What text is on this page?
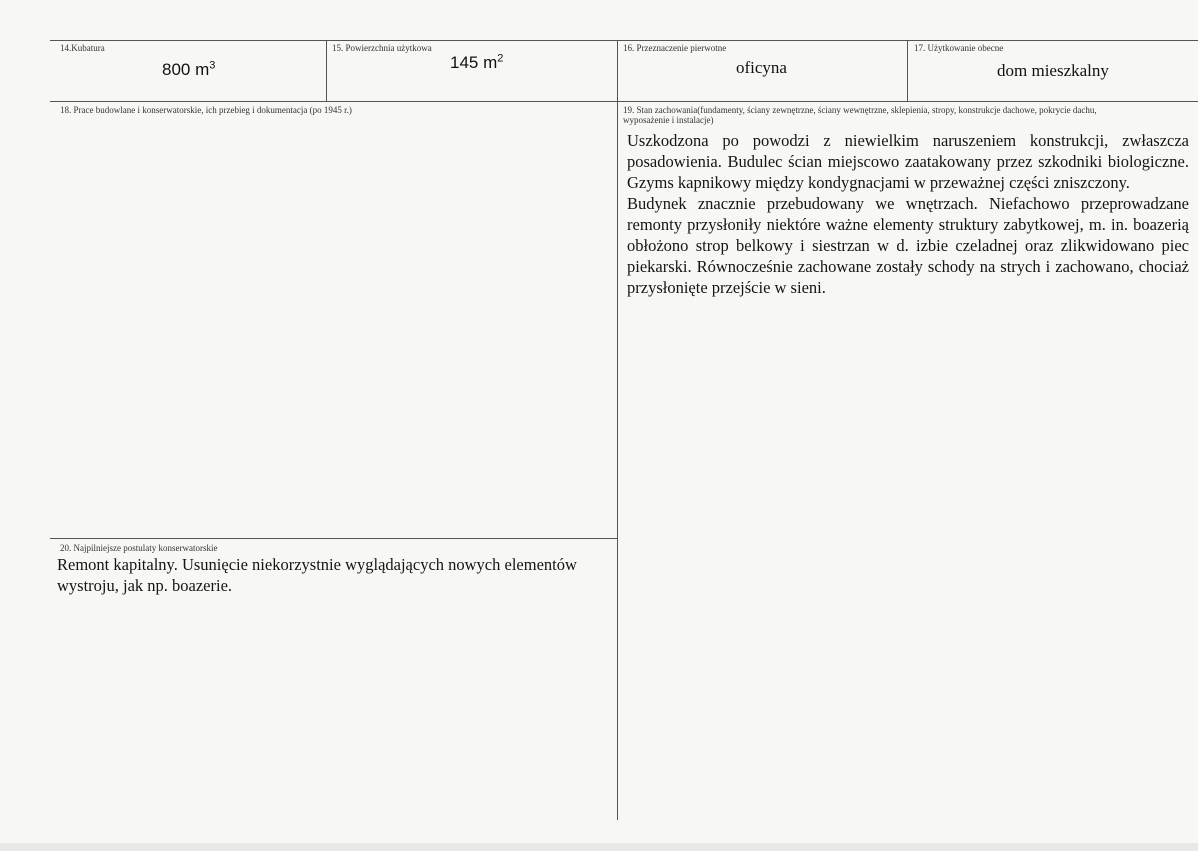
14.Kubatura
800 $m^3$
15. Powierzchnia użytkowa
145 $m^2$
16. Przeznaczenie pierwotne
oficyna
17. Użytkowanie obecne
dom mieszkalny
18. Prace budowlane i konserwatorskie, ich przebieg i dokumentacja (po 1945 r.)	19. Stan zachowania(fundamenty, ściany zewnętrzne, ściany wewnętrzne, sklepienia, stropy, konstrukcje dachowe, pokrycie dachu,
wyposażenie i instalacje)

Uszkodzona po powodzi z niewielkim naruszeniem konstrukcji, zwłaszcza posadowienia. Budulec ścian miejscowo zaatakowany przez szkodniki biologiczne. Gzyms kapnikowy między kondygnacjami w przeważnej części zniszczony.

Budynek znacznie przebudowany we wnętrzach. Niefachowo przeprowadzane remonty przysłoniły niektóre ważne elementy struktury zabytkowej, m. in. boazerią obłożono strop belkowy i siestrzan w d. izbie czeladnej oraz zlikwidowano piec piekarski. Równocześnie zachowane zostały schody na strych i zachowano, chociaż przysłonięte przejście w sieni.

20. Najpilniejsze postulaty konserwatorskie
Remont kapitalny. Usunięcie niekorzystnie wyglądających nowych elementów wystroju, jak np. boazerie.
